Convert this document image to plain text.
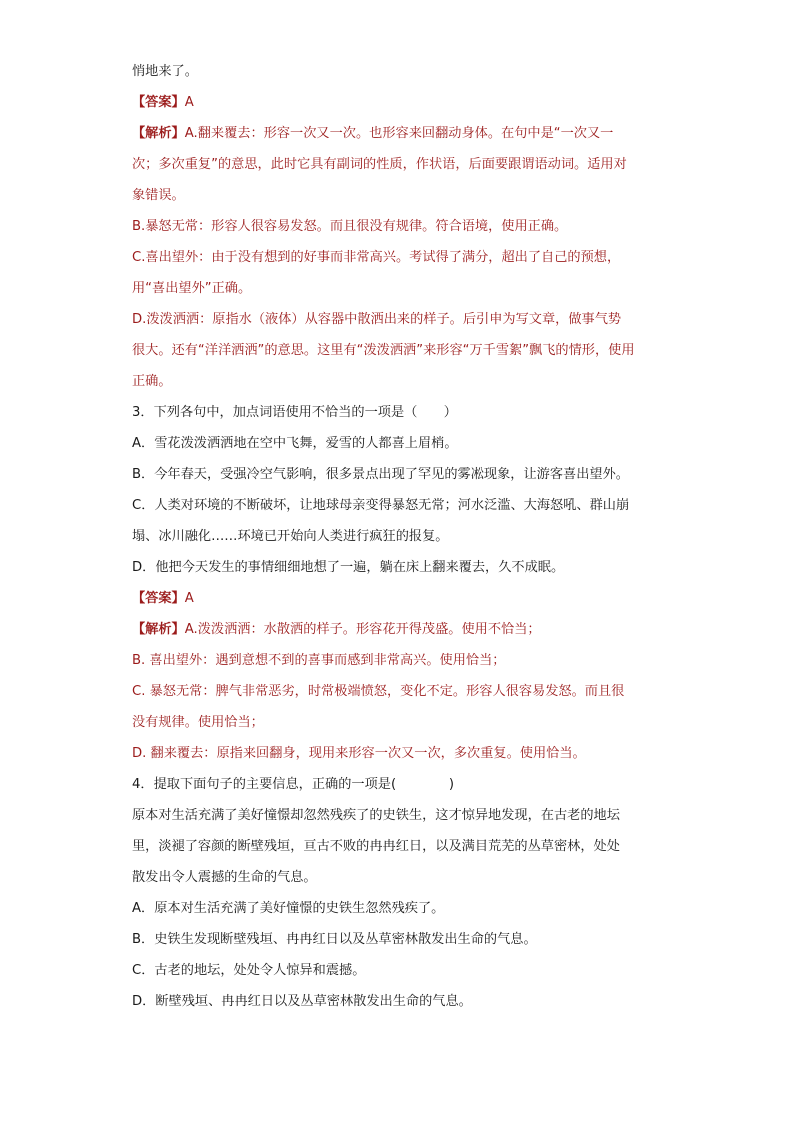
悄地来了。

【答案】A

【解析】A.翻来覆去：形容一次又一次。也形容来回翻动身体。在句中是“一次又一

次；多次重复”的意思，此时它具有副词的性质，作状语，后面要跟谓语动词。适用对

象错误。

B.暴怒无常：形容人很容易发怒。而且很没有规律。符合语境，使用正确。

C.喜出望外：由于没有想到的好事而非常高兴。考试得了满分，超出了自己的预想，

用“喜出望外”正确。

D.泼泼洒洒：原指水（液体）从容器中散洒出来的样子。后引申为写文章，做事气势

很大。还有“洋洋洒洒”的意思。这里有“泼泼洒洒”来形容“万千雪絮”飘飞的情形，使用

正确。

3．下列各句中，加点词语使用不恰当的一项是（　　）

A．雪花泼泼洒洒地在空中飞舞，爱雪的人都喜上眉梢。

B．今年春天，受强冷空气影响，很多景点出现了罕见的雾凇现象，让游客喜出望外。

C．人类对环境的不断破坏，让地球母亲变得暴怒无常；河水泛滥、大海怒吼、群山崩

塌、冰川融化……环境已开始向人类进行疯狂的报复。

D．他把今天发生的事情细细地想了一遍，躺在床上翻来覆去，久不成眠。

【答案】A

【解析】A.泼泼洒洒：水散洒的样子。形容花开得茂盛。使用不恰当；

B. 喜出望外：遇到意想不到的喜事而感到非常高兴。使用恰当；

C. 暴怒无常：脾气非常恶劣，时常极端愤怒，变化不定。形容人很容易发怒。而且很

没有规律。使用恰当；

D. 翻来覆去：原指来回翻身，现用来形容一次又一次，多次重复。使用恰当。

4．提取下面句子的主要信息，正确的一项是(　　　　)

原本对生活充满了美好憧憬却忽然残疾了的史铁生，这才惊异地发现，在古老的地坛

里，淡褪了容颜的断壁残垣，亘古不败的冉冉红日，以及满目荒芜的丛草密林，处处

散发出令人震撼的生命的气息。

A．原本对生活充满了美好憧憬的史铁生忽然残疾了。

B．史铁生发现断壁残垣、冉冉红日以及丛草密林散发出生命的气息。

C．古老的地坛，处处令人惊异和震撼。

D．断壁残垣、冉冉红日以及丛草密林散发出生命的气息。
